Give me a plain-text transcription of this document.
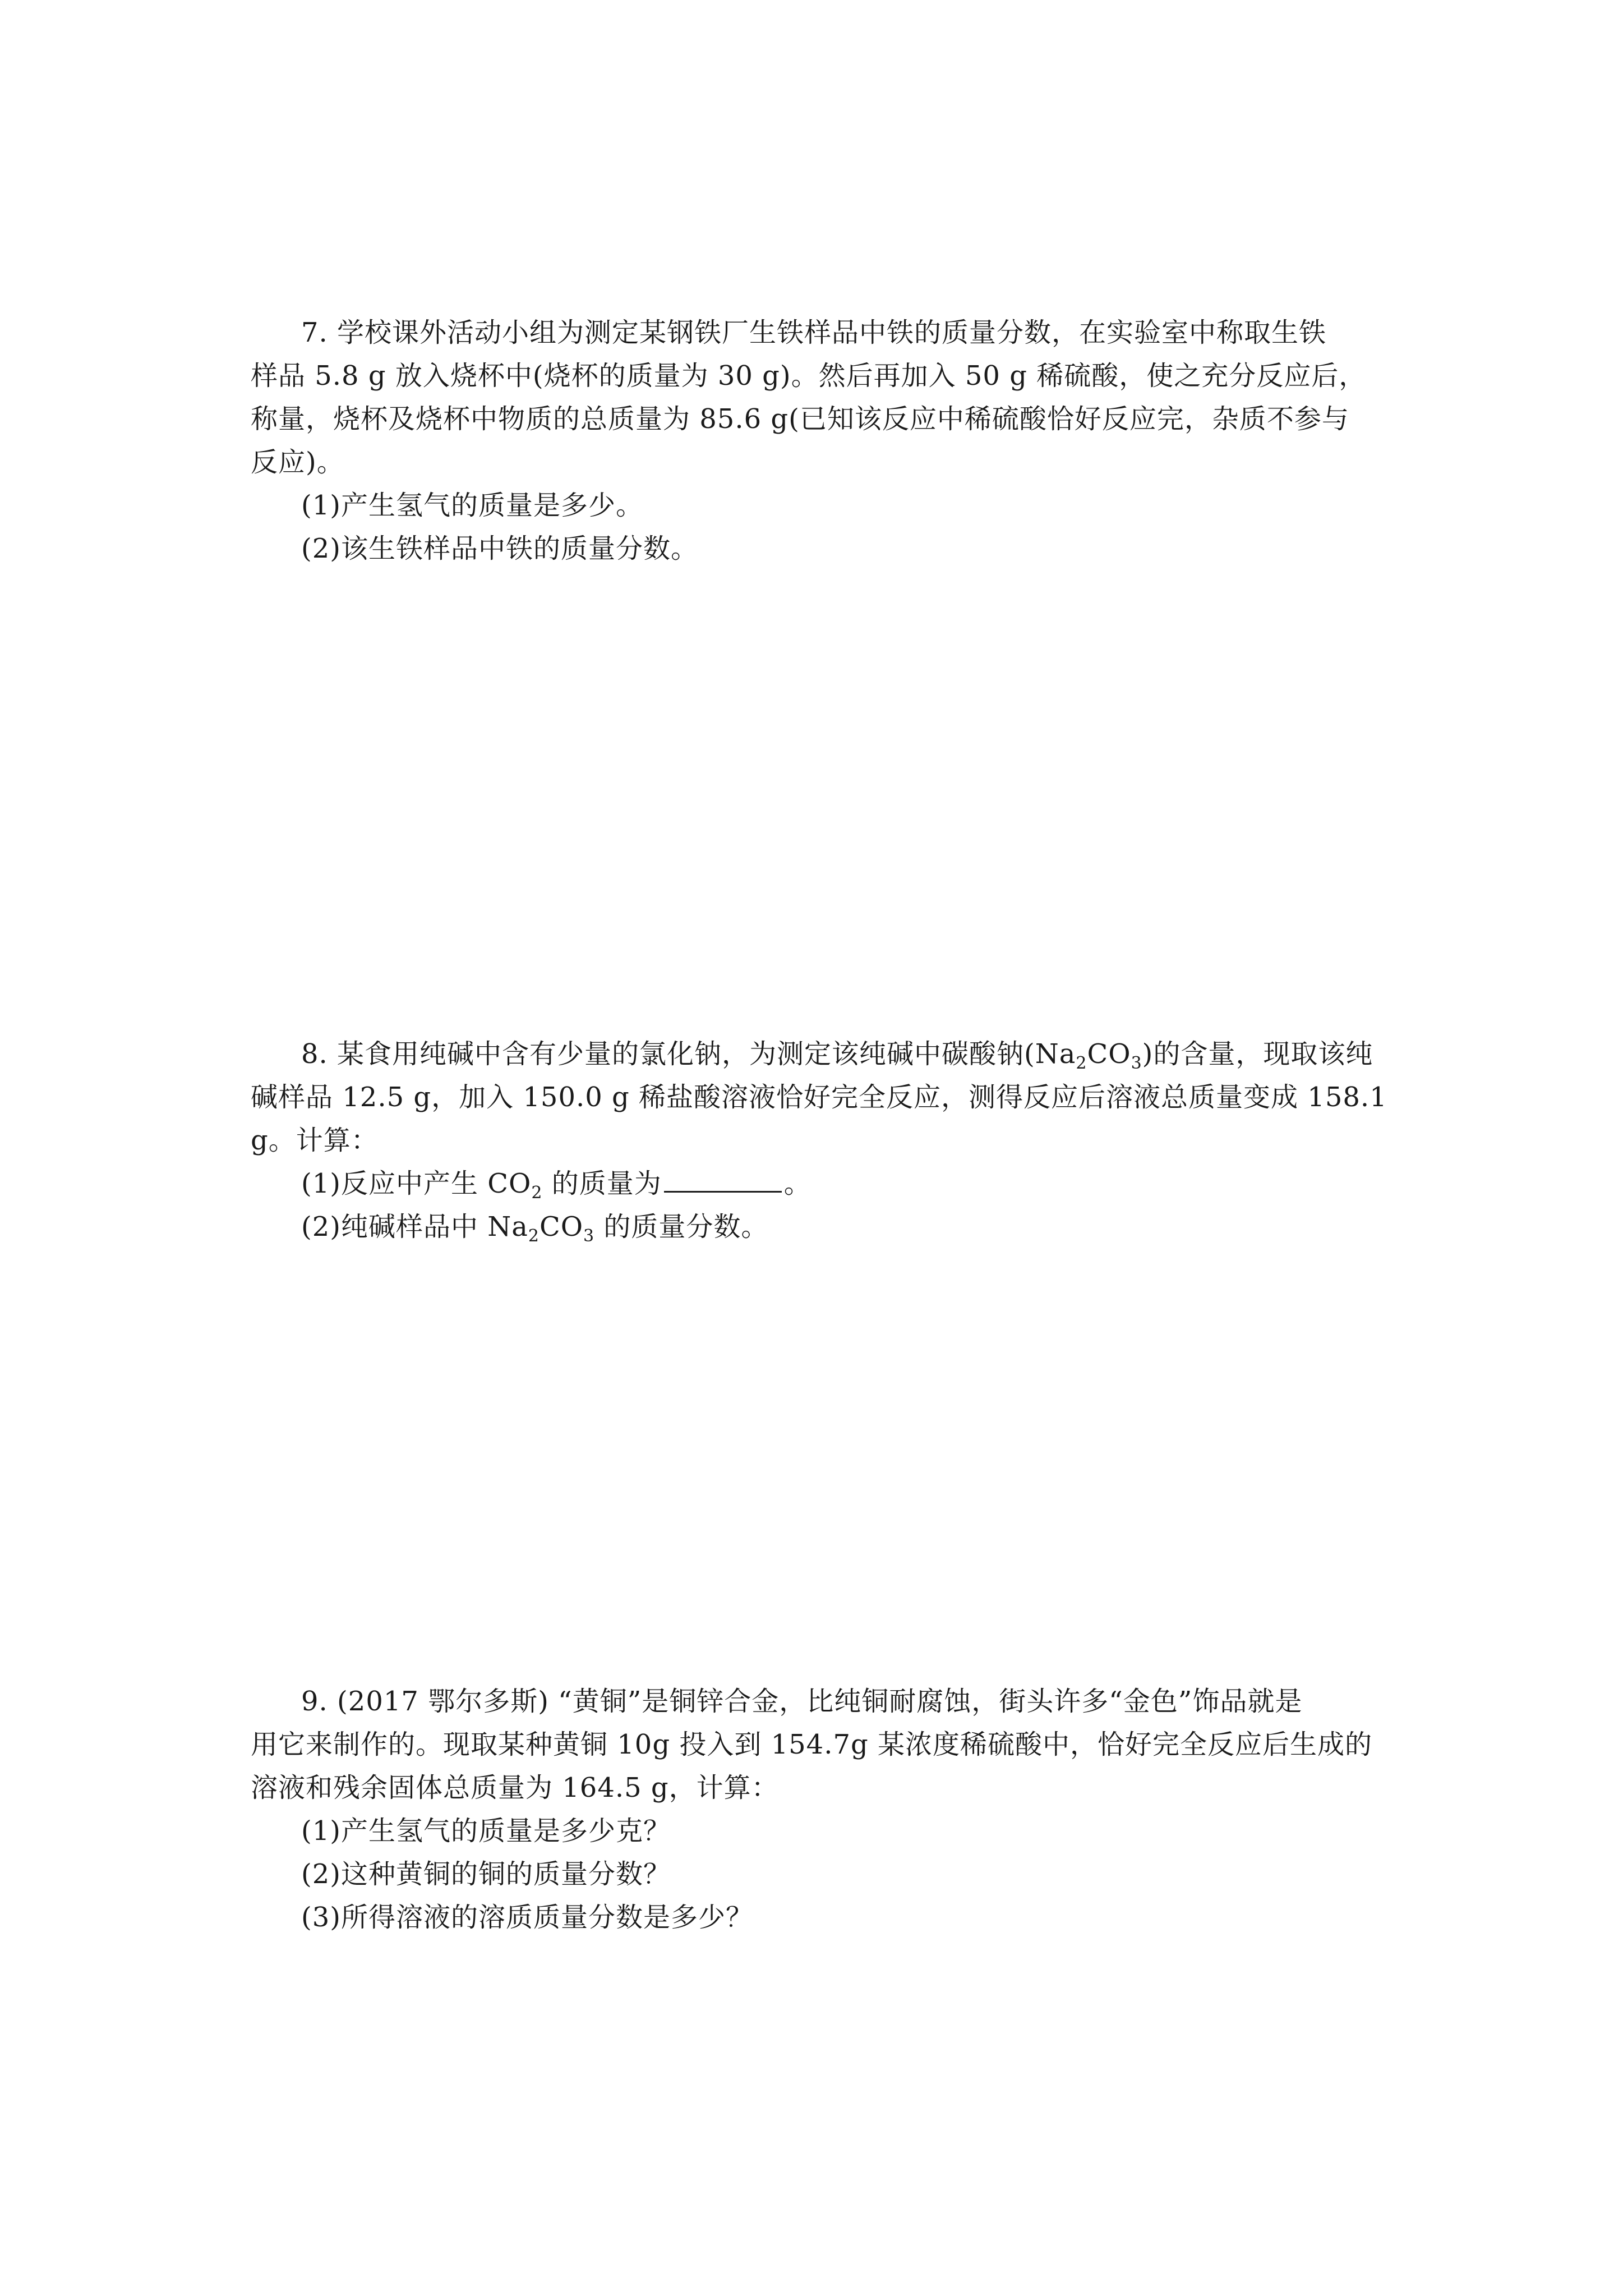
7. 学校课外活动小组为测定某钢铁厂生铁样品中铁的质量分数，在实验室中称取生铁
样品 5.8 g 放入烧杯中(烧杯的质量为 30 g)。然后再加入 50 g 稀硫酸，使之充分反应后，
称量，烧杯及烧杯中物质的总质量为 85.6 g(已知该反应中稀硫酸恰好反应完，杂质不参与
反应)。
(1)产生氢气的质量是多少。
(2)该生铁样品中铁的质量分数。
8. 某食用纯碱中含有少量的氯化钠，为测定该纯碱中碳酸钠$(Na_2CO_3)$的含量，现取该纯
碱样品 12.5 g，加入 150.0 g 稀盐酸溶液恰好完全反应，测得反应后溶液总质量变成 158.1
g。计算：
(1)反应中产生 $CO_2$ 的质量为	。
(2)纯碱样品中 $Na_2CO_3$ 的质量分数。
9. (2017 鄂尔多斯) “黄铜”是铜锌合金，比纯铜耐腐蚀，街头许多“金色”饰品就是
用它来制作的。现取某种黄铜 10g 投入到 154.7g 某浓度稀硫酸中，恰好完全反应后生成的
溶液和残余固体总质量为 164.5 g，计算：
(1)产生氢气的质量是多少克？
(2)这种黄铜的铜的质量分数？
(3)所得溶液的溶质质量分数是多少？
